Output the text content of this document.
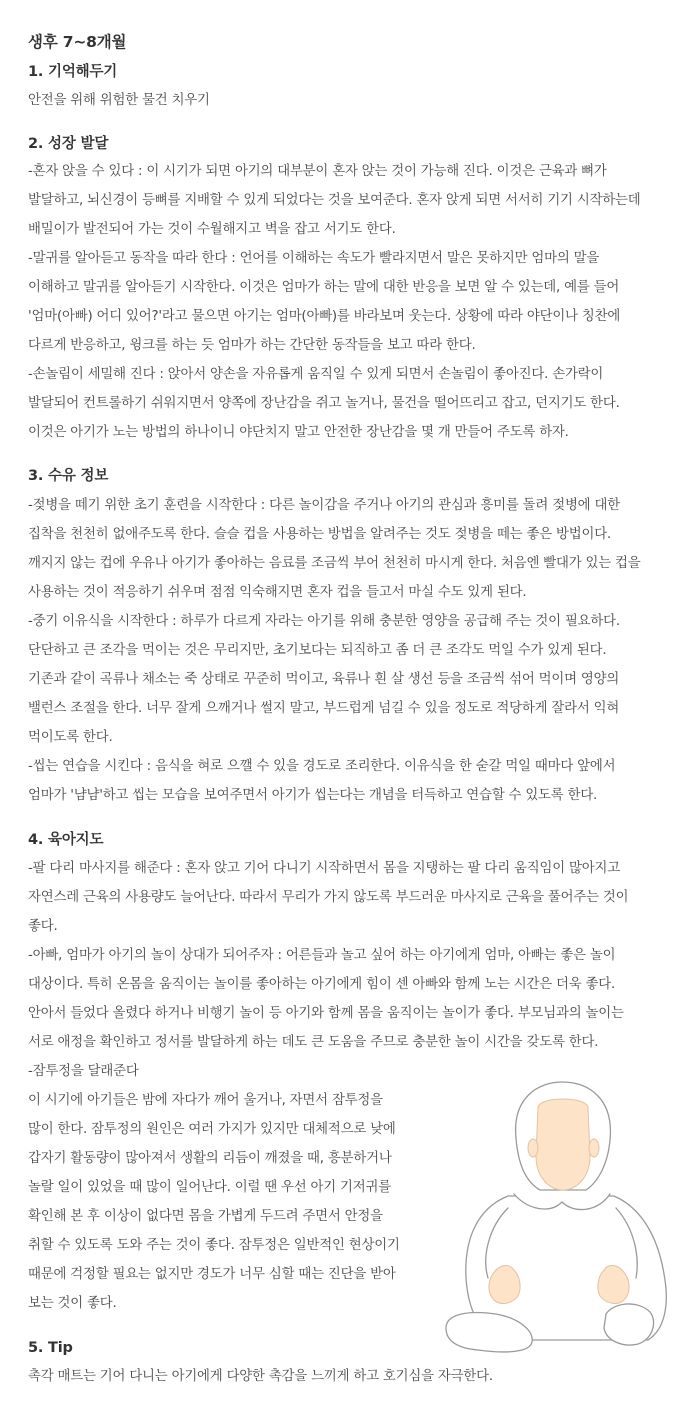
생후 7~8개월
1. 기억해두기
안전을 위해 위험한 물건 치우기
2. 성장 발달
-혼자 앉을 수 있다 : 이 시기가 되면 아기의 대부분이 혼자 앉는 것이 가능해 진다. 이것은 근육과 뼈가
발달하고, 뇌신경이 등뼈를 지배할 수 있게 되었다는 것을 보여준다. 혼자 앉게 되면 서서히 기기 시작하는데
배밀이가 발전되어 가는 것이 수월해지고 벽을 잡고 서기도 한다.
-말귀를 알아듣고 동작을 따라 한다 : 언어를 이해하는 속도가 빨라지면서 말은 못하지만 엄마의 말을
이해하고 말귀를 알아듣기 시작한다. 이것은 엄마가 하는 말에 대한 반응을 보면 알 수 있는데, 예를 들어
'엄마(아빠) 어디 있어?'라고 물으면 아기는 엄마(아빠)를 바라보며 웃는다. 상황에 따라 야단이나 칭찬에
다르게 반응하고, 윙크를 하는 듯 엄마가 하는 간단한 동작들을 보고 따라 한다.
-손놀림이 세밀해 진다 : 앉아서 양손을 자유롭게 움직일 수 있게 되면서 손놀림이 좋아진다. 손가락이
발달되어 컨트롤하기 쉬워지면서 양쪽에 장난감을 쥐고 놀거나, 물건을 떨어뜨리고 잡고, 던지기도 한다.
이것은 아기가 노는 방법의 하나이니 야단치지 말고 안전한 장난감을 몇 개 만들어 주도록 하자.
3. 수유 정보
-젖병을 떼기 위한 초기 훈련을 시작한다 : 다른 놀이감을 주거나 아기의 관심과 흥미를 돌려 젖병에 대한
집착을 천천히 없애주도록 한다. 슬슬 컵을 사용하는 방법을 알려주는 것도 젖병을 떼는 좋은 방법이다.
깨지지 않는 컵에 우유나 아기가 좋아하는 음료를 조금씩 부어 천천히 마시게 한다. 처음엔 빨대가 있는 컵을
사용하는 것이 적응하기 쉬우며 점점 익숙해지면 혼자 컵을 들고서 마실 수도 있게 된다.
-중기 이유식을 시작한다 : 하루가 다르게 자라는 아기를 위해 충분한 영양을 공급해 주는 것이 필요하다.
단단하고 큰 조각을 먹이는 것은 무리지만, 초기보다는 되직하고 좀 더 큰 조각도 먹일 수가 있게 된다.
기존과 같이 곡류나 채소는 죽 상태로 꾸준히 먹이고, 육류나 흰 살 생선 등을 조금씩 섞어 먹이며 영양의
밸런스 조절을 한다. 너무 잘게 으깨거나 썰지 말고, 부드럽게 넘길 수 있을 정도로 적당하게 잘라서 익혀
먹이도록 한다.
-씹는 연습을 시킨다 : 음식을 혀로 으깰 수 있을 경도로 조리한다. 이유식을 한 숟갈 먹일 때마다 앞에서
엄마가 '냠냠'하고 씹는 모습을 보여주면서 아기가 씹는다는 개념을 터득하고 연습할 수 있도록 한다.
4. 육아지도
-팔 다리 마사지를 해준다 : 혼자 앉고 기어 다니기 시작하면서 몸을 지탱하는 팔 다리 움직임이 많아지고
자연스레 근육의 사용량도 늘어난다. 따라서 무리가 가지 않도록 부드러운 마사지로 근육을 풀어주는 것이
좋다.
-아빠, 엄마가 아기의 놀이 상대가 되어주자 : 어른들과 놀고 싶어 하는 아기에게 엄마, 아빠는 좋은 놀이
대상이다. 특히 온몸을 움직이는 놀이를 좋아하는 아기에게 힘이 센 아빠와 함께 노는 시간은 더욱 좋다.
안아서 들었다 올렸다 하거나 비행기 놀이 등 아기와 함께 몸을 움직이는 놀이가 좋다. 부모님과의 놀이는
서로 애정을 확인하고 정서를 발달하게 하는 데도 큰 도움을 주므로 충분한 놀이 시간을 갖도록 한다.
-잠투정을 달래준다
이 시기에 아기들은 밤에 자다가 깨어 울거나, 자면서 잠투정을
많이 한다. 잠투정의 원인은 여러 가지가 있지만 대체적으로 낮에
갑자기 활동량이 많아져서 생활의 리듬이 깨졌을 때, 흥분하거나
놀랄 일이 있었을 때 많이 일어난다. 이럴 땐 우선 아기 기저귀를
확인해 본 후 이상이 없다면 몸을 가볍게 두드려 주면서 안정을
취할 수 있도록 도와 주는 것이 좋다. 잠투정은 일반적인 현상이기
때문에 걱정할 필요는 없지만 경도가 너무 심할 때는 진단을 받아
보는 것이 좋다.
5. Tip
촉각 매트는 기어 다니는 아기에게 다양한 촉감을 느끼게 하고 호기심을 자극한다.
